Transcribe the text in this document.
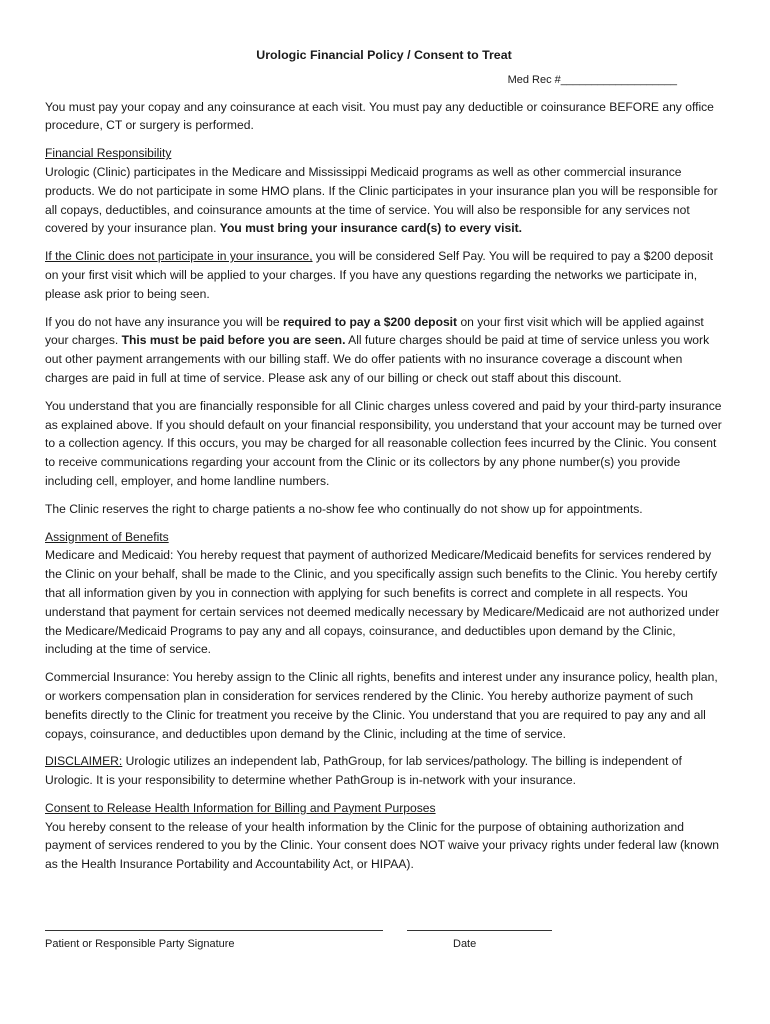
Urologic Financial Policy / Consent to Treat
Med Rec #___________________

You must pay your copay and any coinsurance at each visit. You must pay any deductible or coinsurance BEFORE any office procedure, CT or surgery is performed.

Financial Responsibility
Urologic (Clinic) participates in the Medicare and Mississippi Medicaid programs as well as other commercial insurance products. We do not participate in some HMO plans. If the Clinic participates in your insurance plan you will be responsible for all copays, deductibles, and coinsurance amounts at the time of service. You will also be responsible for any services not covered by your insurance plan. You must bring your insurance card(s) to every visit.

If the Clinic does not participate in your insurance, you will be considered Self Pay. You will be required to pay a $200 deposit on your first visit which will be applied to your charges. If you have any questions regarding the networks we participate in, please ask prior to being seen.

If you do not have any insurance you will be required to pay a $200 deposit on your first visit which will be applied against your charges. This must be paid before you are seen. All future charges should be paid at time of service unless you work out other payment arrangements with our billing staff. We do offer patients with no insurance coverage a discount when charges are paid in full at time of service. Please ask any of our billing or check out staff about this discount.

You understand that you are financially responsible for all Clinic charges unless covered and paid by your third-party insurance as explained above. If you should default on your financial responsibility, you understand that your account may be turned over to a collection agency. If this occurs, you may be charged for all reasonable collection fees incurred by the Clinic. You consent to receive communications regarding your account from the Clinic or its collectors by any phone number(s) you provide including cell, employer, and home landline numbers.

The Clinic reserves the right to charge patients a no-show fee who continually do not show up for appointments.

Assignment of Benefits
Medicare and Medicaid: You hereby request that payment of authorized Medicare/Medicaid benefits for services rendered by the Clinic on your behalf, shall be made to the Clinic, and you specifically assign such benefits to the Clinic. You hereby certify that all information given by you in connection with applying for such benefits is correct and complete in all respects. You understand that payment for certain services not deemed medically necessary by Medicare/Medicaid are not authorized under the Medicare/Medicaid Programs to pay any and all copays, coinsurance, and deductibles upon demand by the Clinic, including at the time of service.

Commercial Insurance: You hereby assign to the Clinic all rights, benefits and interest under any insurance policy, health plan, or workers compensation plan in consideration for services rendered by the Clinic. You hereby authorize payment of such benefits directly to the Clinic for treatment you receive by the Clinic. You understand that you are required to pay any and all copays, coinsurance, and deductibles upon demand by the Clinic, including at the time of service.

DISCLAIMER: Urologic utilizes an independent lab, PathGroup, for lab services/pathology. The billing is independent of Urologic. It is your responsibility to determine whether PathGroup is in-network with your insurance.

Consent to Release Health Information for Billing and Payment Purposes
You hereby consent to the release of your health information by the Clinic for the purpose of obtaining authorization and payment of services rendered to you by the Clinic. Your consent does NOT waive your privacy rights under federal law (known as the Health Insurance Portability and Accountability Act, or HIPAA).

Patient or Responsible Party Signature	Date
